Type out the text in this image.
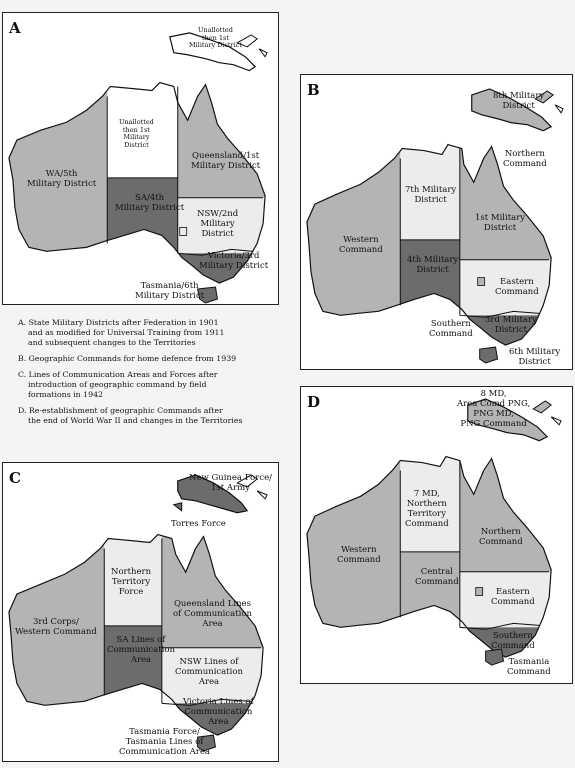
A	Unallotted
then 1st
Military District
Unallotted
then 1st
Military
District
WA/5th
Military District
Queensland/1st
Military District
SA/4th
Military District
NSW/2nd
Military
District
Victoria/3rd
Military District
Tasmania/6th
Military District
B	8th Military
District
Northern
Command
7th Military
District
1st Military
District
Western
Command
4th Military
District
Eastern
Command
Southern
Command
3rd Military
District
6th Military
District
A. State Military Districts after Federation in 1901
and as modified for Universal Training from 1911
and subsequent changes to the Territories
B. Geographic Commands for home defence from 1939
C. Lines of Communication Areas and Forces after
introduction of geographic command by field
formations in 1942
D. Re-establishment of geographic Commands after
the end of World War II and changes in the Territories
C	New Guinea Force/
1st Army
Torres Force
Northern
Territory
Force
Queensland Lines
of Communication
Area
3rd Corps/
Western Command
SA Lines of
Communication
Area	NSW Lines of
Communication
Area
Victoria Lines of
Communication
Area
Tasmania Force/
Tasmania Lines of
Communication Area
D	8 MD,
Area Comd PNG,
PNG MD,
PNG Command
7 MD,
Northern
Territory
Command
Northern
Command
Western
Command
Central
Command
Eastern
Command
Southern
Command
Tasmania
Command
